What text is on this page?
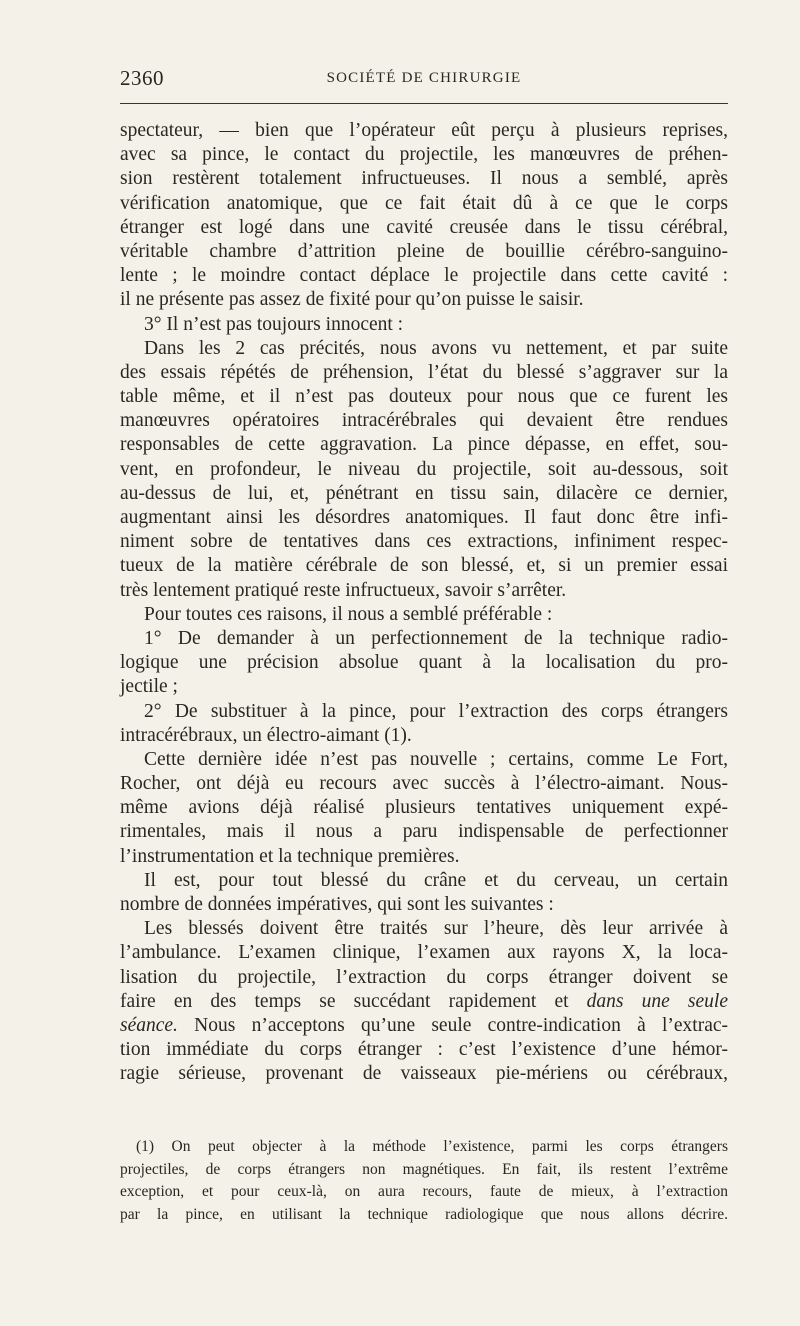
2360	SOCIÉTÉ DE CHIRURGIE
spectateur, — bien que l’opérateur eût perçu à plusieurs reprises,
avec sa pince, le contact du projectile, les manœuvres de préhen-
sion restèrent totalement infructueuses. Il nous a semblé, après
vérification anatomique, que ce fait était dû à ce que le corps
étranger est logé dans une cavité creusée dans le tissu cérébral,
véritable chambre d’attrition pleine de bouillie cérébro-sanguino-
lente ; le moindre contact déplace le projectile dans cette cavité :
il ne présente pas assez de fixité pour qu’on puisse le saisir.
3° Il n’est pas toujours innocent :
Dans les 2 cas précités, nous avons vu nettement, et par suite
des essais répétés de préhension, l’état du blessé s’aggraver sur la
table même, et il n’est pas douteux pour nous que ce furent les
manœuvres opératoires intracérébrales qui devaient être rendues
responsables de cette aggravation. La pince dépasse, en effet, sou-
vent, en profondeur, le niveau du projectile, soit au-dessous, soit
au-dessus de lui, et, pénétrant en tissu sain, dilacère ce dernier,
augmentant ainsi les désordres anatomiques. Il faut donc être infi-
niment sobre de tentatives dans ces extractions, infiniment respec-
tueux de la matière cérébrale de son blessé, et, si un premier essai
très lentement pratiqué reste infructueux, savoir s’arrêter.
Pour toutes ces raisons, il nous a semblé préférable :
1° De demander à un perfectionnement de la technique radio-
logique une précision absolue quant à la localisation du pro-
jectile ;
2° De substituer à la pince, pour l’extraction des corps étrangers
intracérébraux, un électro-aimant (1).
Cette dernière idée n’est pas nouvelle ; certains, comme Le Fort,
Rocher, ont déjà eu recours avec succès à l’électro-aimant. Nous-
même avions déjà réalisé plusieurs tentatives uniquement expé-
rimentales, mais il nous a paru indispensable de perfectionner
l’instrumentation et la technique premières.
Il est, pour tout blessé du crâne et du cerveau, un certain
nombre de données impératives, qui sont les suivantes :
Les blessés doivent être traités sur l’heure, dès leur arrivée à
l’ambulance. L’examen clinique, l’examen aux rayons X, la loca-
lisation du projectile, l’extraction du corps étranger doivent se
faire en des temps se succédant rapidement et dans une seule
séance. Nous n’acceptons qu’une seule contre-indication à l’extrac-
tion immédiate du corps étranger : c’est l’existence d’une hémor-
ragie sérieuse, provenant de vaisseaux pie-mériens ou cérébraux,
(1) On peut objecter à la méthode l’existence, parmi les corps étrangers
projectiles, de corps étrangers non magnétiques. En fait, ils restent l’extrême
exception, et pour ceux-là, on aura recours, faute de mieux, à l’extraction
par la pince, en utilisant la technique radiologique que nous allons décrire.
